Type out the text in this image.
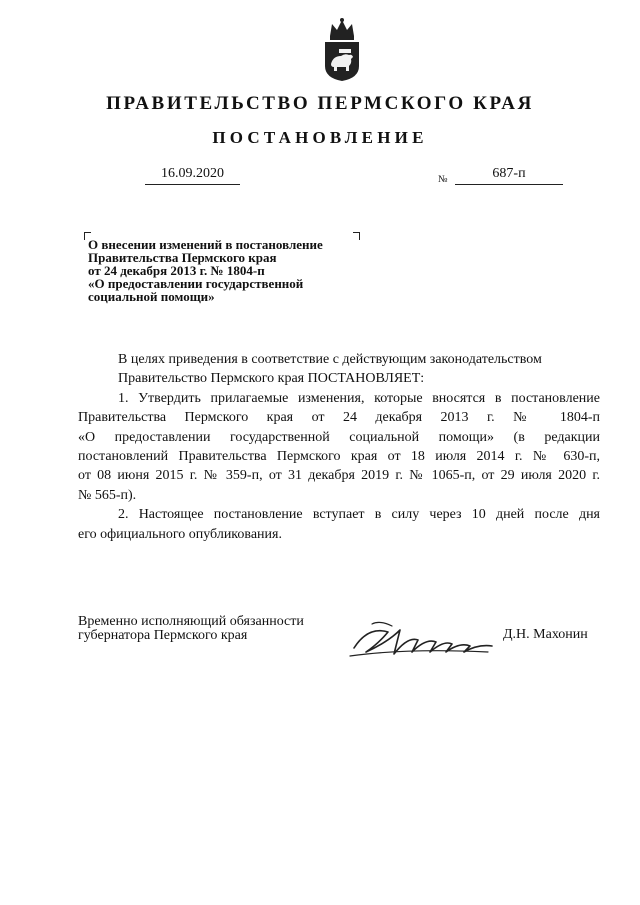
ПРАВИТЕЛЬСТВО ПЕРМСКОГО КРАЯ
ПОСТАНОВЛЕНИЕ
16.09.2020	№	687-п
О внесении изменений в постановление
Правительства Пермского края
от 24 декабря 2013 г. № 1804-п
«О предоставлении государственной
социальной помощи»
В целях приведения в соответствие с действующим законодательством
Правительство Пермского края ПОСТАНОВЛЯЕТ:
1. Утвердить прилагаемые изменения, которые вносятся в постановление
Правительства Пермского края от 24 декабря 2013 г. № 1804-п
«О предоставлении государственной социальной помощи» (в редакции
постановлений Правительства Пермского края от 18 июля 2014 г. № 630-п,
от 08 июня 2015 г. № 359-п, от 31 декабря 2019 г. № 1065-п, от 29 июля 2020 г.
№ 565-п).
2. Настоящее постановление вступает в силу через 10 дней после дня
его официального опубликования.
Временно исполняющий обязанности
губернатора Пермского края	Д.Н. Махонин
